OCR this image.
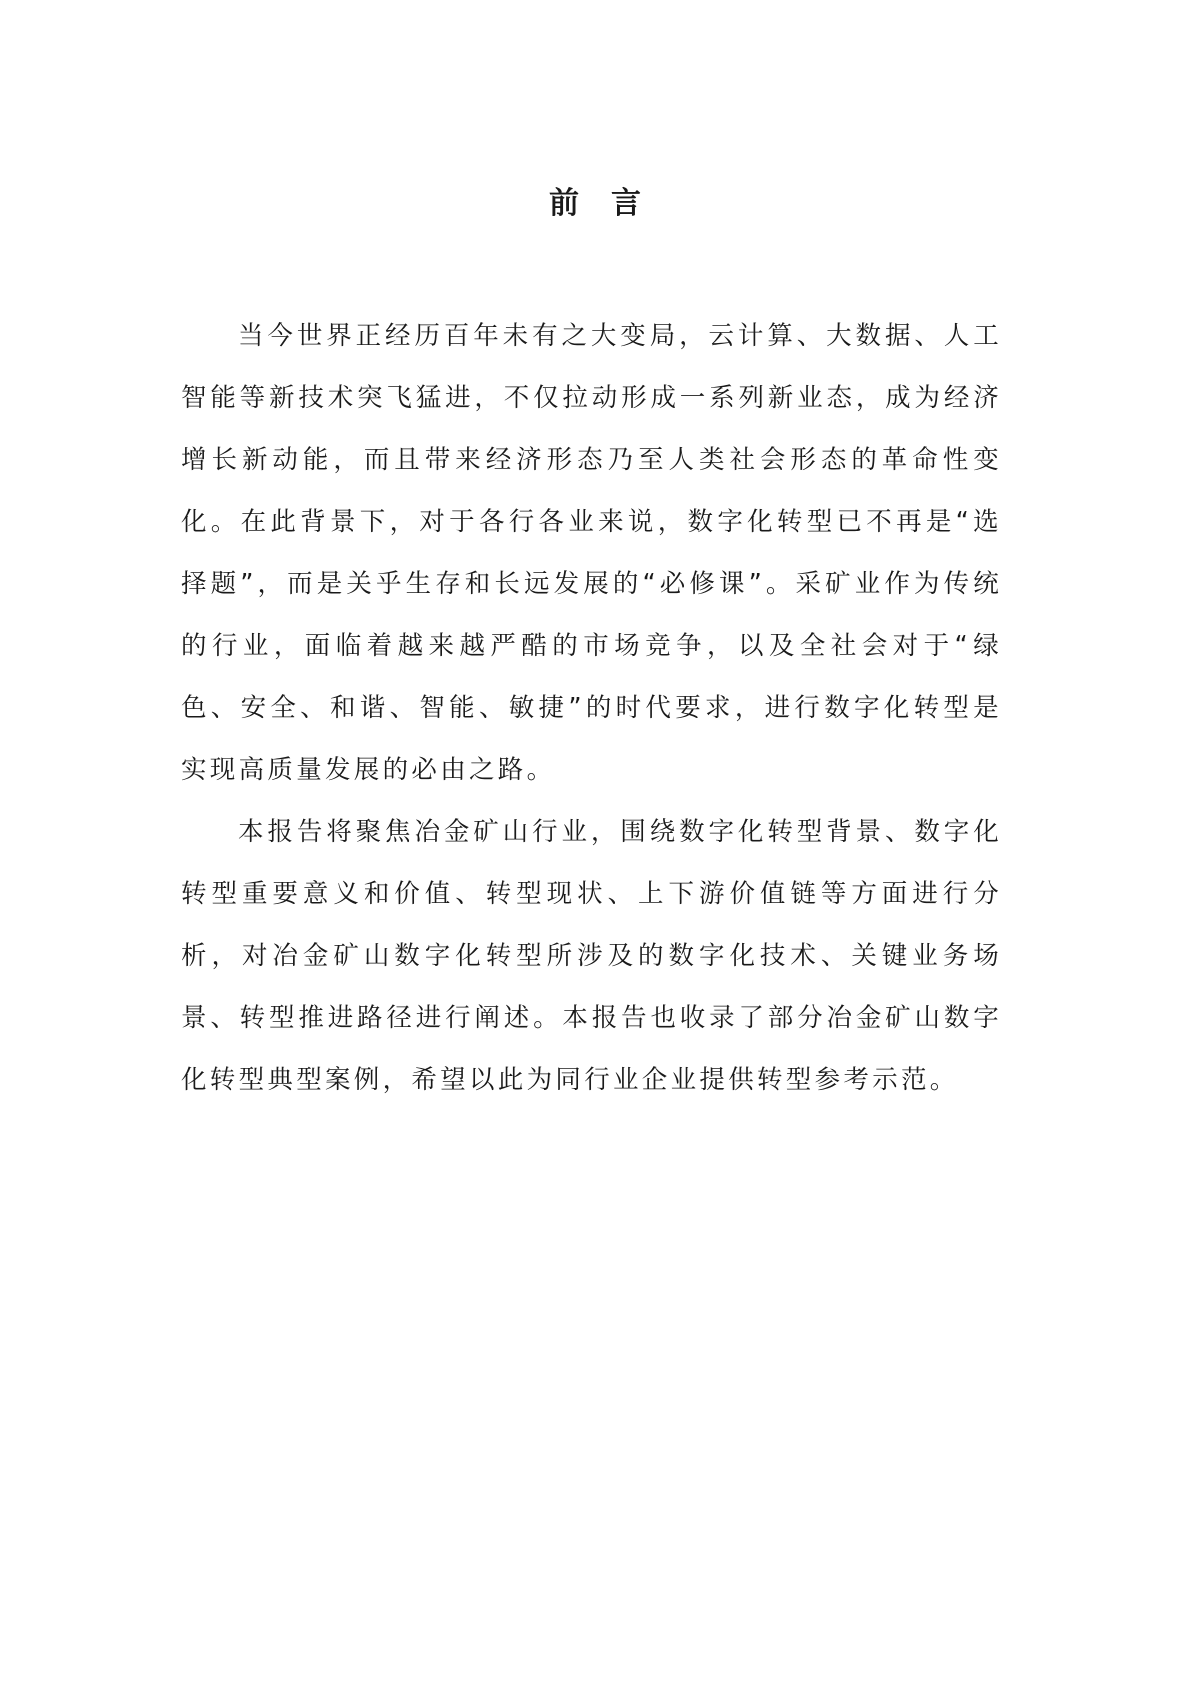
前言

当今世界正经历百年未有之大变局，云计算、大数据、人工智能等新技术突飞猛进，不仅拉动形成一系列新业态，成为经济增长新动能，而且带来经济形态乃至人类社会形态的革命性变化。在此背景下，对于各行各业来说，数字化转型已不再是“选择题”，而是关乎生存和长远发展的“必修课”。采矿业作为传统的行业，面临着越来越严酷的市场竞争，以及全社会对于“绿色、安全、和谐、智能、敏捷”的时代要求，进行数字化转型是实现高质量发展的必由之路。

本报告将聚焦冶金矿山行业，围绕数字化转型背景、数字化转型重要意义和价值、转型现状、上下游价值链等方面进行分析，对冶金矿山数字化转型所涉及的数字化技术、关键业务场景、转型推进路径进行阐述。本报告也收录了部分冶金矿山数字化转型典型案例，希望以此为同行业企业提供转型参考示范。
